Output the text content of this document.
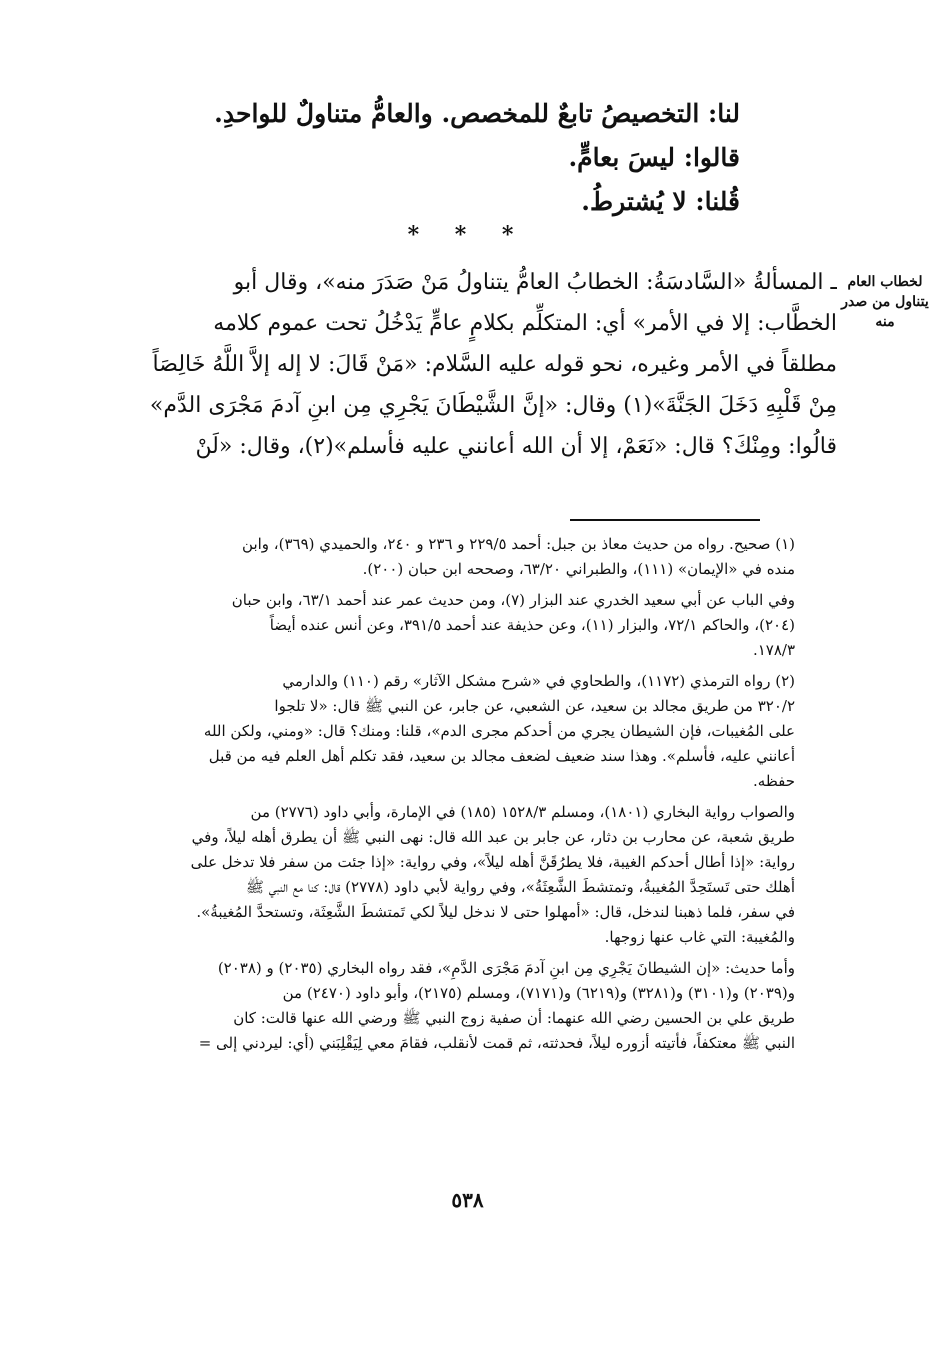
لنا: التخصيصُ تابعٌ للمخصص. والعامُّ متناولٌ للواحدِ.
قالوا: ليسَ بعامٍّ.
قُلنا: لا يُشترطُ.
* * *
لخطاب العام يتناول من صدر منه
ـ المسألةُ «السَّادسَةُ: الخطابُ العامُّ يتناولُ مَنْ صَدَرَ منه»، وقال أبو
الخطَّاب: إلا في الأمر» أي: المتكلِّم بكلامٍ عامٍّ يَدْخُلُ تحت عموم كلامه
مطلقاً في الأمر وغيره، نحو قوله عليه السَّلام: «مَنْ قَالَ: لا إله إلاَّ اللَّهُ خَالِصَاً
مِنْ قَلْبِهِ دَخَلَ الجَنَّةَ»(١) وقال: «إنَّ الشَّيْطَانَ يَجْرِي مِن ابنِ آدمَ مَجْرَى الدَّم»
قالُوا: ومِنْكَ؟ قال: «نَعَمْ، إلا أن الله أعانني عليه فأسلم»(٢)، وقال: «لَنْ
(١) صحيح. رواه من حديث معاذ بن جبل: أحمد ٢٢٩/٥ و ٢٣٦ و ٢٤٠، والحميدي (٣٦٩)، وابن
منده في «الإيمان» (١١١)، والطبراني ٦٣/٢٠، وصححه ابن حبان (٢٠٠).
وفي الباب عن أبي سعيد الخدري عند البزار (٧)، ومن حديث عمر عند أحمد ٦٣/١، وابن حبان
(٢٠٤)، والحاكم ٧٢/١، والبزار (١١)، وعن حذيفة عند أحمد ٣٩١/٥، وعن أنس عنده أيضاً
١٧٨/٣.
(٢) رواه الترمذي (١١٧٢)، والطحاوي في «شرح مشكل الآثار» رقم (١١٠) والدارمي
٣٢٠/٢ من طريق مجالد بن سعيد، عن الشعبي، عن جابر، عن النبي ﷺ قال: «لا تلجوا
على المُغيبات، فإن الشيطان يجري من أحدكم مجرى الدم»، قلنا: ومنك؟ قال: «ومني، ولكن الله
أعانني عليه، فأسلم». وهذا سند ضعيف لضعف مجالد بن سعيد، فقد تكلم أهل العلم فيه من قبل
حفظه.
والصواب رواية البخاري (١٨٠١)، ومسلم ١٥٢٨/٣ (١٨٥) في الإمارة، وأبي داود (٢٧٧٦) من
طريق شعبة، عن محارب بن دثار، عن جابر بن عبد الله قال: نهى النبي ﷺ أن يطرق أهله ليلاً، وفي
رواية: «إذا أطال أحدكم الغيبة، فلا يطرُقَنَّ أهله ليلاً»، وفي رواية: «إذا جئت من سفر فلا تدخل على
أهلك حتى تَستَحِدَّ المُغيبةُ، وتمتشطَ الشَّعِثَةُ»، وفي رواية لأبي داود (٢٧٧٨) قال: كنا مع النبي ﷺ
في سفر، فلما ذهبنا لندخل، قال: «أمهلوا حتى لا ندخل ليلاً لكي تَمتشطَ الشَّعِثَة، وتستحدَّ المُغيبةُ».
والمُغيبة: التي غاب عنها زوجها.
وأما حديث: «إن الشيطانَ يَجْرِي مِن ابنِ آدمَ مَجْرَى الدَّمِ»، فقد رواه البخاري (٢٠٣٥) و (٢٠٣٨)
و(٢٠٣٩) و(٣١٠١) و(٣٢٨١) و(٦٢١٩) و(٧١٧١)، ومسلم (٢١٧٥)، وأبو داود (٢٤٧٠) من
طريق علي بن الحسين رضي الله عنهما: أن صفية زوج النبي ﷺ ورضي الله عنها قالت: كان
النبي ﷺ معتكفاً، فأتيته أزوره ليلاً، فحدثته، ثم قمت لأنقلب، فقامَ معي لِيَقْلِبَني (أي: ليردني إلى =
٥٣٨
